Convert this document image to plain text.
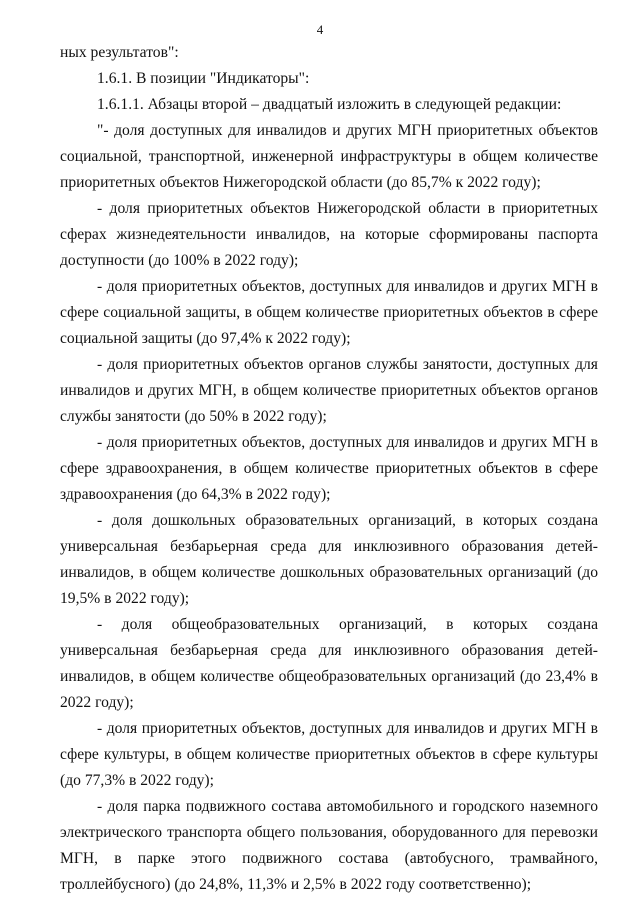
4

ных результатов":

1.6.1. В позиции "Индикаторы":

1.6.1.1. Абзацы второй – двадцатый изложить в следующей редакции:

"- доля доступных для инвалидов и других МГН приоритетных объектов социальной, транспортной, инженерной инфраструктуры в общем количестве приоритетных объектов Нижегородской области (до 85,7% к 2022 году);

- доля приоритетных объектов Нижегородской области в приоритетных сферах жизнедеятельности инвалидов, на которые сформированы паспорта доступности (до 100% в 2022 году);

- доля приоритетных объектов, доступных для инвалидов и других МГН в сфере социальной защиты, в общем количестве приоритетных объектов в сфере социальной защиты (до 97,4% к 2022 году);

- доля приоритетных объектов органов службы занятости, доступных для инвалидов и других МГН, в общем количестве приоритетных объектов органов службы занятости (до 50% в 2022 году);

- доля приоритетных объектов, доступных для инвалидов и других МГН в сфере здравоохранения, в общем количестве приоритетных объектов в сфере здравоохранения (до 64,3% в 2022 году);

- доля дошкольных образовательных организаций, в которых создана универсальная безбарьерная среда для инклюзивного образования детей-инвалидов, в общем количестве дошкольных образовательных организаций (до 19,5% в 2022 году);

- доля общеобразовательных организаций, в которых создана универсальная безбарьерная среда для инклюзивного образования детей-инвалидов, в общем количестве общеобразовательных организаций (до 23,4% в 2022 году);

- доля приоритетных объектов, доступных для инвалидов и других МГН в сфере культуры, в общем количестве приоритетных объектов в сфере культуры (до 77,3% в 2022 году);

- доля парка подвижного состава автомобильного и городского наземного электрического транспорта общего пользования, оборудованного для перевозки МГН, в парке этого подвижного состава (автобусного, трамвайного, троллейбусного) (до 24,8%, 11,3% и 2,5% в 2022 году соответственно);
